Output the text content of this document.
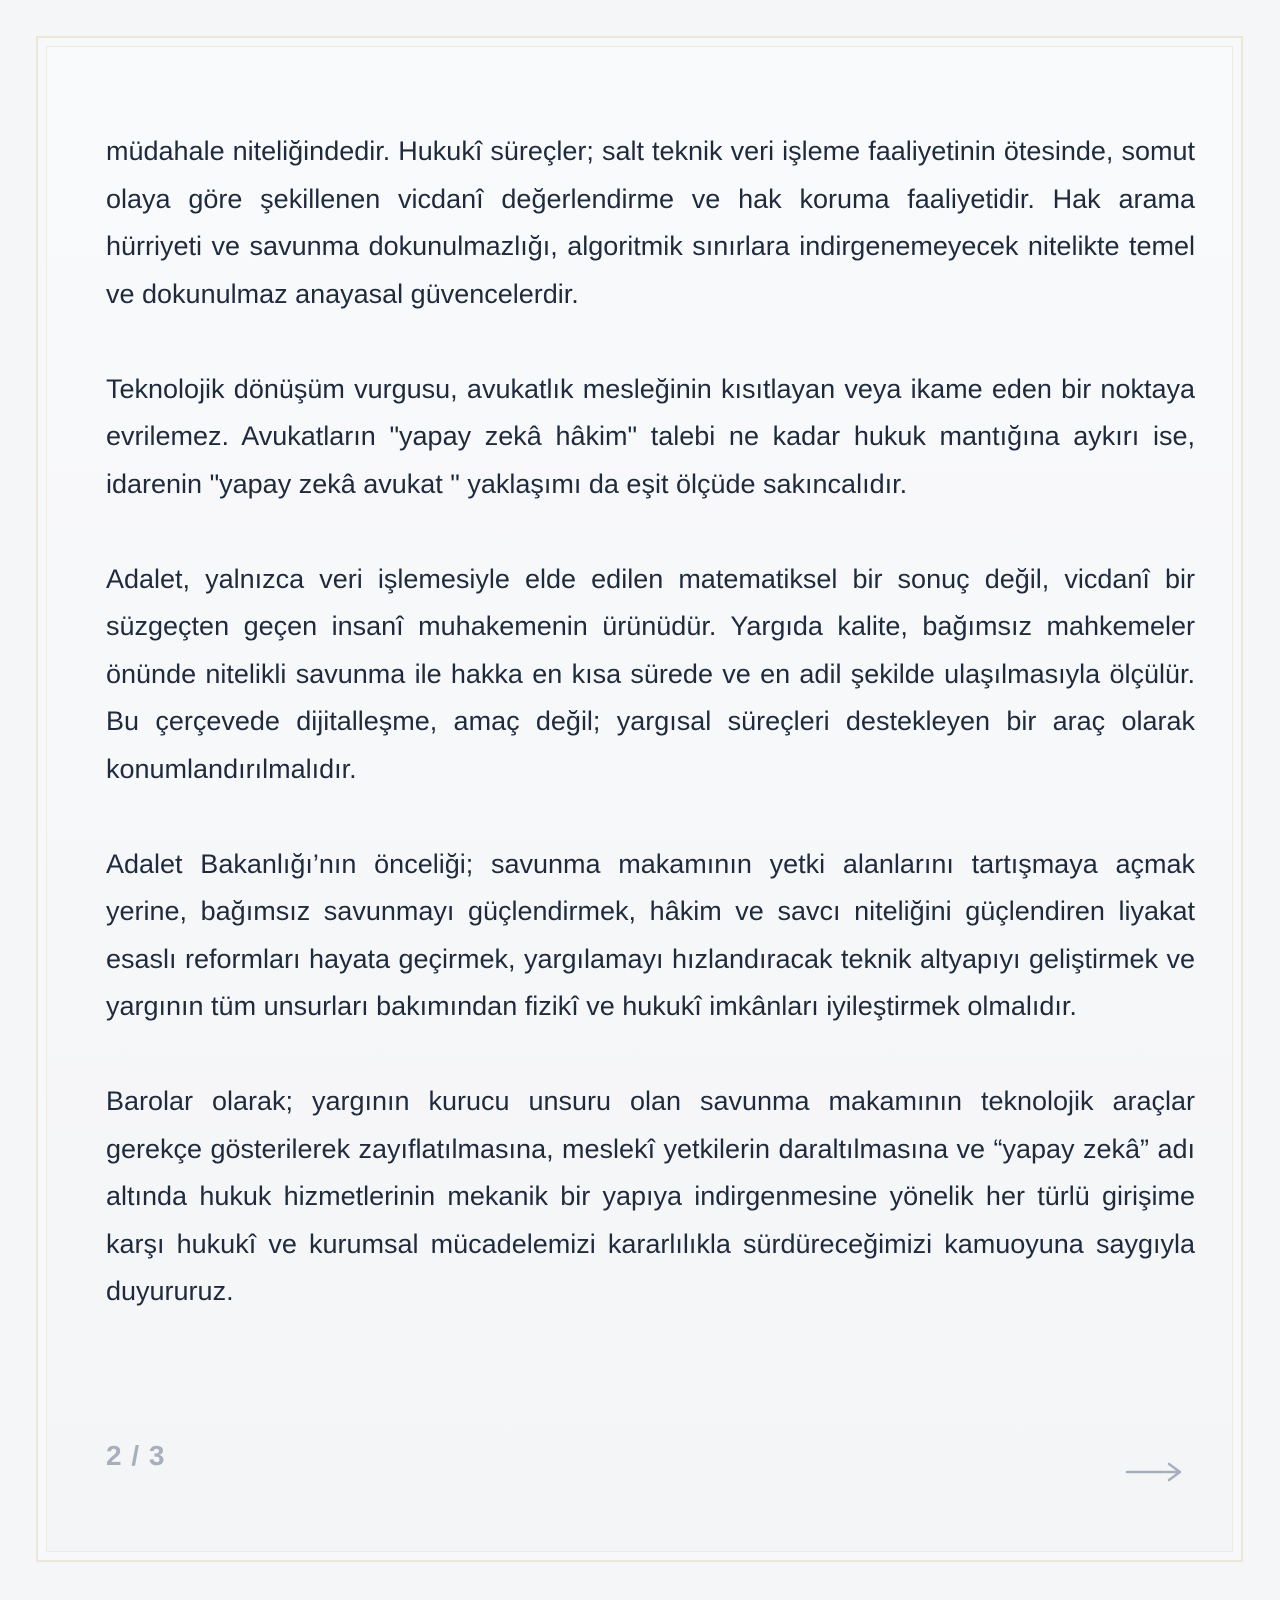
müdahale niteliğindedir. Hukukî süreçler; salt teknik veri işleme faaliyetinin ötesinde, somut olaya göre şekillenen vicdanî değerlendirme ve hak koruma faaliyetidir. Hak arama hürriyeti ve savunma dokunulmazlığı, algoritmik sınırlara indirgenemeyecek nitelikte temel ve dokunulmaz anayasal güvencelerdir.

Teknolojik dönüşüm vurgusu, avukatlık mesleğinin kısıtlayan veya ikame eden bir noktaya evrilemez. Avukatların "yapay zekâ hâkim" talebi ne kadar hukuk mantığına aykırı ise, idarenin "yapay zekâ avukat " yaklaşımı da eşit ölçüde sakıncalıdır.

Adalet, yalnızca veri işlemesiyle elde edilen matematiksel bir sonuç değil, vicdanî bir süzgeçten geçen insanî muhakemenin ürünüdür. Yargıda kalite, bağımsız mahkemeler önünde nitelikli savunma ile hakka en kısa sürede ve en adil şekilde ulaşılmasıyla ölçülür. Bu çerçevede dijitalleşme, amaç değil; yargısal süreçleri destekleyen bir araç olarak konumlandırılmalıdır.

Adalet Bakanlığı’nın önceliği; savunma makamının yetki alanlarını tartışmaya açmak yerine, bağımsız savunmayı güçlendirmek, hâkim ve savcı niteliğini güçlendiren liyakat esaslı reformları hayata geçirmek, yargılamayı hızlandıracak teknik altyapıyı geliştirmek ve yargının tüm unsurları bakımından fizikî ve hukukî imkânları iyileştirmek olmalıdır.

Barolar olarak; yargının kurucu unsuru olan savunma makamının teknolojik araçlar gerekçe gösterilerek zayıflatılmasına, meslekî yetkilerin daraltılmasına ve “yapay zekâ” adı altında hukuk hizmetlerinin mekanik bir yapıya indirgenmesine yönelik her türlü girişime karşı hukukî ve kurumsal mücadelemizi kararlılıkla sürdüreceğimizi kamuoyuna saygıyla duyururuz.

2 / 3
